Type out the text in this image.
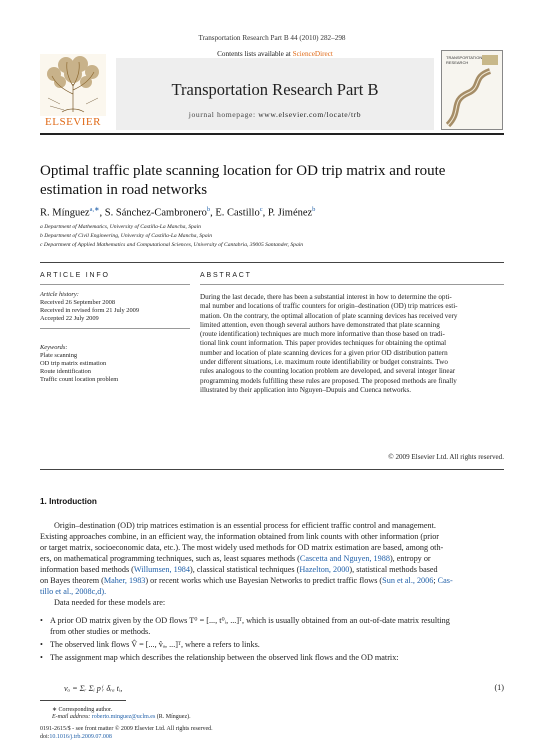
Transportation Research Part B 44 (2010) 282–298
ELSEVIER
Contents lists available at ScienceDirect
Transportation Research Part B
journal homepage: www.elsevier.com/locate/trb
TRANSPORTATION RESEARCH
Optimal traffic plate scanning location for OD trip matrix and route
estimation in road networks
R. Mínguez$^{a,∗}$, S. Sánchez-Cambronero$^b$, E. Castillo$^c$, P. Jiménez$^b$
a Department of Mathematics, University of Castilla-La Mancha, Spain
b Department of Civil Engineering, University of Castilla-La Mancha, Spain
c Department of Applied Mathematics and Computational Sciences, University of Cantabria, 39005 Santander, Spain
ARTICLE INFO
Article history:
Received 26 September 2008
Received in revised form 21 July 2009
Accepted 22 July 2009
Keywords:
Plate scanning
OD trip matrix estimation
Route identification
Traffic count location problem
ABSTRACT
During the last decade, there has been a substantial interest in how to determine the opti-
mal number and locations of traffic counters for origin–destination (OD) trip matrices esti-
mation. On the contrary, the optimal allocation of plate scanning devices has received very
limited attention, even though several authors have demonstrated that plate scanning
(route identification) techniques are much more informative than those based on tradi-
tional link count information. This paper provides techniques for obtaining the optimal
number and location of plate scanning devices for a given prior OD distribution pattern
under different situations, i.e. maximum route identifiability or budget constraints. Two
rules analogous to the counting location problem are developed, and several integer linear
programming models fulfilling these rules are proposed. The proposed methods are finally
illustrated by their application into Nguyen–Dupuis and Cuenca networks.
© 2009 Elsevier Ltd. All rights reserved.
1. Introduction
Origin–destination (OD) trip matrices estimation is an essential process for efficient traffic control and management.
Existing approaches combine, in an efficient way, the information obtained from link counts with other information (prior
or target matrix, socioeconomic data, etc.). The most widely used methods for OD matrix estimation are based, among oth-
ers, on mathematical programming techniques, such as, least squares methods (Cascetta and Nguyen, 1988), entropy or
information based methods (Willumsen, 1984), classical statistical techniques (Hazelton, 2000), statistical methods based
on Bayes theorem (Maher, 1983) or recent works which use Bayesian Networks to predict traffic flows (Sun et al., 2006; Cas-
tillo et al., 2008c,d).
Data needed for these models are:
• A prior OD matrix given by the OD flows T⁰ = [..., t⁰ᵢ, ...]ᵀ, which is usually obtained from an out-of-date matrix resulting
from other studies or methods.
• The observed link flows V̂ = [..., v̂ₐ, ...]ᵀ, where a refers to links.
• The assignment map which describes the relationship between the observed link flows and the OD matrix:
vₐ = Σᵣ Σᵢ pⁱᵣ δᵣₐ tᵢ,	(1)
∗ Corresponding author.
E-mail address: roberto.minguez@uclm.es (R. Mínguez).
0191-2615/$ - see front matter © 2009 Elsevier Ltd. All rights reserved.
doi:10.1016/j.trb.2009.07.008
